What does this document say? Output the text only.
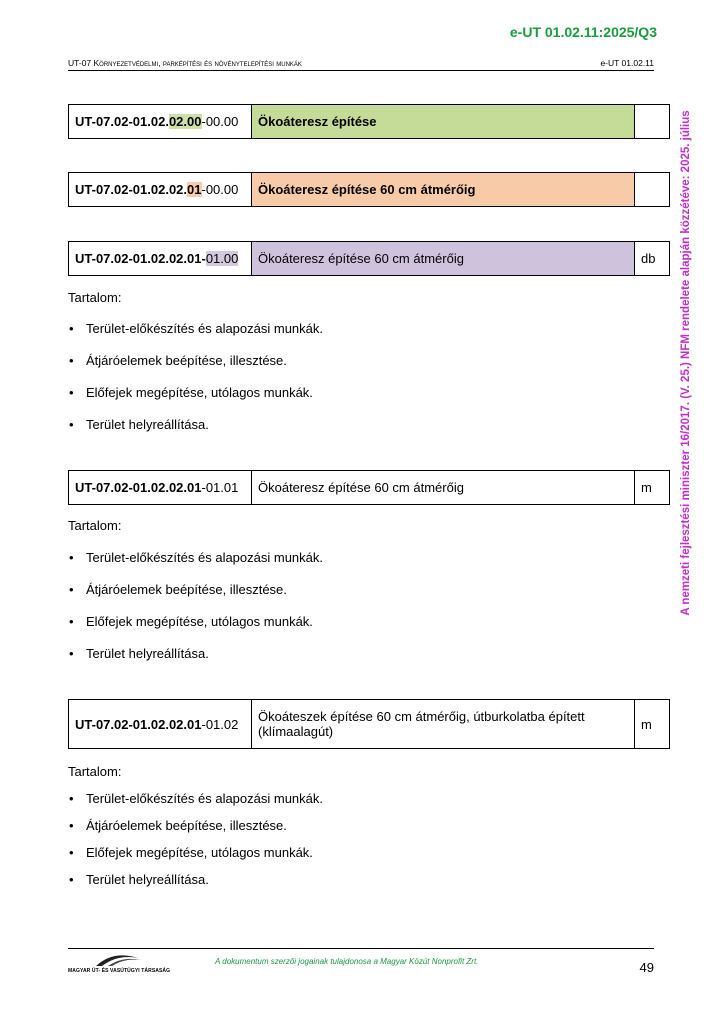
e-UT 01.02.11:2025/Q3
UT-07 Környezetvédelmi, parképítési és növénytelepítési munkák	e-UT 01.02.11
A nemzeti fejlesztési miniszter 16/2017. (V. 25.) NFM rendelete alapján közzétéve: 2025. július
UT-07.02-01.02.02.00-00.00	Ökoáteresz építése	
UT-07.02-01.02.02.01-00.00	Ökoáteresz építése 60 cm átmérőig	
UT-07.02-01.02.02.01-01.00	Ökoáteresz építése 60 cm átmérőig	db
Tartalom:
• Terület-előkészítés és alapozási munkák.
• Átjáróelemek beépítése, illesztése.
• Előfejek megépítése, utólagos munkák.
• Terület helyreállítása.
UT-07.02-01.02.02.01-01.01	Ökoáteresz építése 60 cm átmérőig	m
Tartalom:
• Terület-előkészítés és alapozási munkák.
• Átjáróelemek beépítése, illesztése.
• Előfejek megépítése, utólagos munkák.
• Terület helyreállítása.
UT-07.02-01.02.02.01-01.02	Ökoáteszek építése 60 cm átmérőig, útburkolatba épített (klímaalagút)	m
Tartalom:
• Terület-előkészítés és alapozási munkák.
• Átjáróelemek beépítése, illesztése.
• Előfejek megépítése, utólagos munkák.
• Terület helyreállítása.
MAGYAR ÚT- ÉS VASÚTÜGYI TÁRSASÁG
A dokumentum szerzői jogainak tulajdonosa a Magyar Közút Nonprofit Zrt.	49
